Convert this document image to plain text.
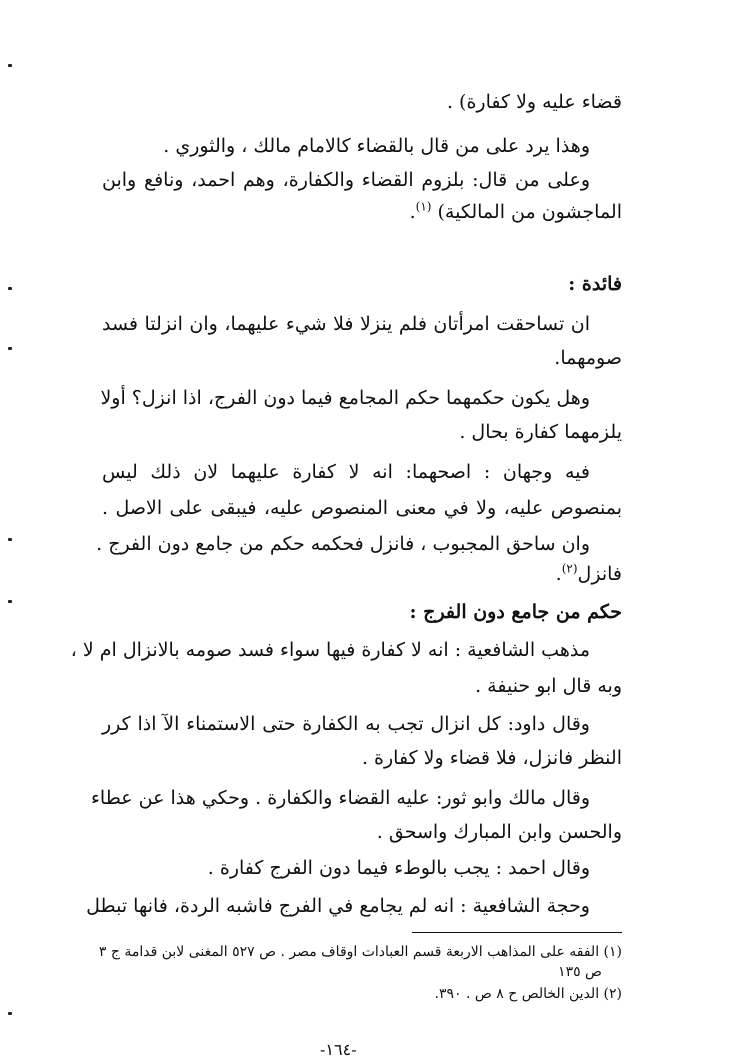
قضاء عليه ولا كفارة) .
وهذا يرد على من قال بالقضاء كالامام مالك ، والثوري .
وعلى من قال: بلزوم القضاء والكفارة، وهم احمد، ونافع وابن
الماجشون من المالكية) $^{(١)}$.
فائدة :
ان تساحقت امرأتان فلم ينزلا فلا شيء عليهما، وان انزلتا فسد
صومهما.
وهل يكون حكمهما حكم المجامع فيما دون الفرج، اذا انزل؟ أولا
يلزمهما كفارة بحال .
فيه وجهان : اصحهما: انه لا كفارة عليهما لان ذلك ليس
بمنصوص عليه، ولا في معنى المنصوص عليه، فيبقى على الاصل .
وان ساحق المجبوب ، فانزل فحكمه حكم من جامع دون الفرج .
فانزل$^{(٢)}$.
حكم من جامع دون الفرج :
مذهب الشافعية : انه لا كفارة فيها سواء فسد صومه بالانزال ام لا ،
وبه قال ابو حنيفة .
وقال داود: كل انزال تجب به الكفارة حتى الاستمناء الآ اذا كرر
النظر فانزل، فلا قضاء ولا كفارة .
وقال مالك وابو ثور: عليه القضاء والكفارة . وحكي هذا عن عطاء
والحسن وابن المبارك واسحق .
وقال احمد : يجب بالوطء فيما دون الفرج كفارة .
وحجة الشافعية : انه لم يجامع في الفرج فاشبه الردة، فانها تبطل
(١) الفقه على المذاهب الاربعة قسم العبادات اوقاف مصر . ص ٥٢٧ المغنى لابن قدامة ج ٣
ص ١٣٥
(٢) الدين الخالص ح ٨ ص . ٣٩٠.
-١٦٤-
